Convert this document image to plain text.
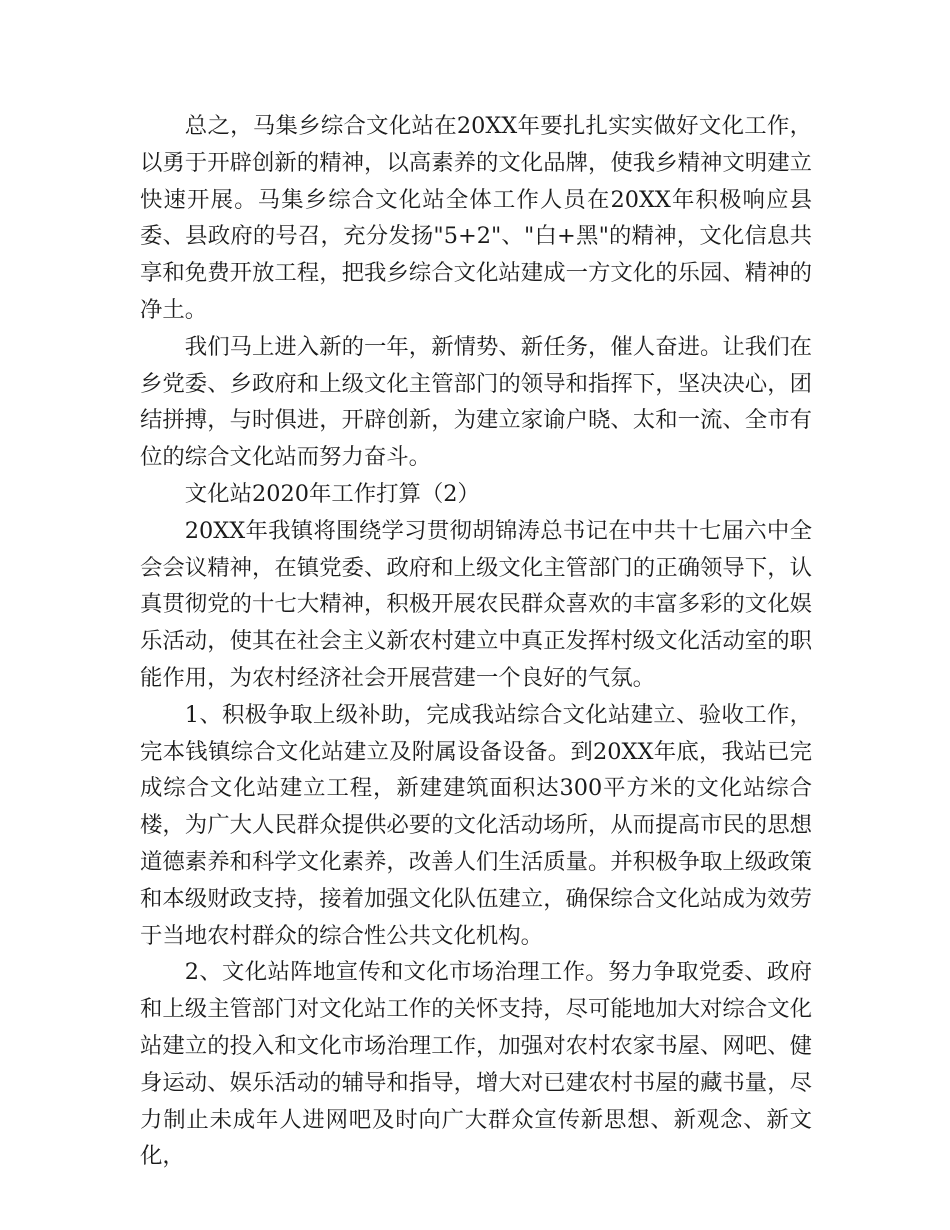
总之，马集乡综合文化站在20XX年要扎扎实实做好文化工作，以勇于开辟创新的精神，以高素养的文化品牌，使我乡精神文明建立快速开展。马集乡综合文化站全体工作人员在20XX年积极响应县委、县政府的号召，充分发扬"5+2"、"白+黑"的精神，文化信息共享和免费开放工程，把我乡综合文化站建成一方文化的乐园、精神的净土。

我们马上进入新的一年，新情势、新任务，催人奋进。让我们在乡党委、乡政府和上级文化主管部门的领导和指挥下，坚决决心，团结拼搏，与时俱进，开辟创新，为建立家谕户晓、太和一流、全市有位的综合文化站而努力奋斗。

文化站2020年工作打算（2）

20XX年我镇将围绕学习贯彻胡锦涛总书记在中共十七届六中全会会议精神，在镇党委、政府和上级文化主管部门的正确领导下，认真贯彻党的十七大精神，积极开展农民群众喜欢的丰富多彩的文化娱乐活动，使其在社会主义新农村建立中真正发挥村级文化活动室的职能作用，为农村经济社会开展营建一个良好的气氛。

1、积极争取上级补助，完成我站综合文化站建立、验收工作，完本钱镇综合文化站建立及附属设备设备。到20XX年底，我站已完成综合文化站建立工程，新建建筑面积达300平方米的文化站综合楼，为广大人民群众提供必要的文化活动场所，从而提高市民的思想道德素养和科学文化素养，改善人们生活质量。并积极争取上级政策和本级财政支持，接着加强文化队伍建立，确保综合文化站成为效劳于当地农村群众的综合性公共文化机构。

2、文化站阵地宣传和文化市场治理工作。努力争取党委、政府和上级主管部门对文化站工作的关怀支持，尽可能地加大对综合文化站建立的投入和文化市场治理工作，加强对农村农家书屋、网吧、健身运动、娱乐活动的辅导和指导，增大对已建农村书屋的藏书量，尽力制止未成年人进网吧及时向广大群众宣传新思想、新观念、新文化，
